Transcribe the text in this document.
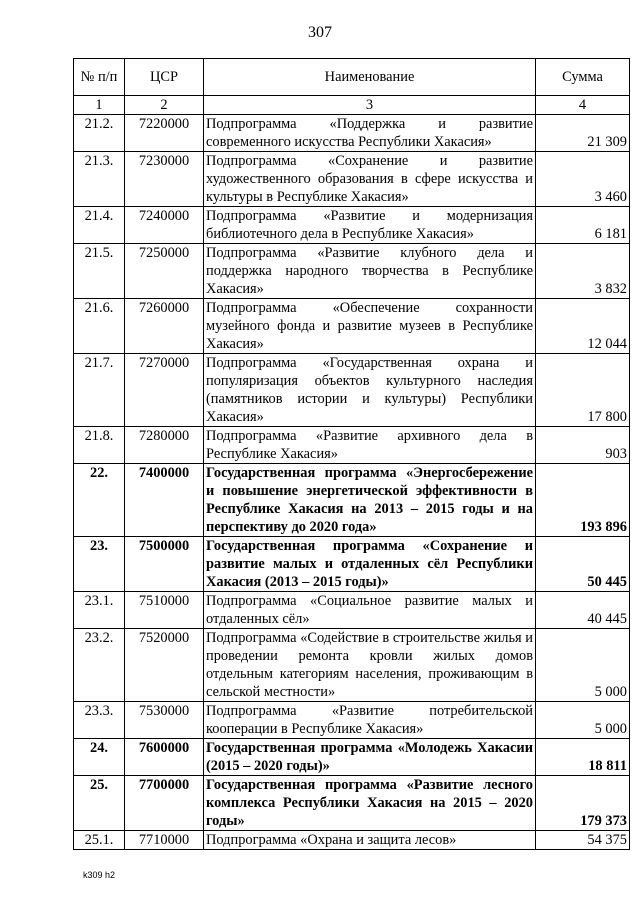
307
№ п/п	ЦСР	Наименование	Сумма
1	2	3	4
21.2.	7220000	Подпрограмма «Поддержка и развитие современного искусства Республики Хакасия»	21 309
21.3.	7230000	Подпрограмма «Сохранение и развитие художественного образования в сфере искусства и культуры в Республике Хакасия»	3 460
21.4.	7240000	Подпрограмма «Развитие и модернизация библиотечного дела в Республике Хакасия»	6 181
21.5.	7250000	Подпрограмма «Развитие клубного дела и поддержка народного творчества в Республике Хакасия»	3 832
21.6.	7260000	Подпрограмма «Обеспечение сохранности музейного фонда и развитие музеев в Республике Хакасия»	12 044
21.7.	7270000	Подпрограмма «Государственная охрана и популяризация объектов культурного наследия (памятников истории и культуры) Республики Хакасия»	17 800
21.8.	7280000	Подпрограмма «Развитие архивного дела в Республике Хакасия»	903
22.	7400000	Государственная программа «Энергосбережение и повышение энергетической эффективности в Республике Хакасия на 2013 – 2015 годы и на перспективу до 2020 года»	193 896
23.	7500000	Государственная программа «Сохранение и развитие малых и отдаленных сёл Республики Хакасия (2013 – 2015 годы)»	50 445
23.1.	7510000	Подпрограмма «Социальное развитие малых и отдаленных сёл»	40 445
23.2.	7520000	Подпрограмма «Содействие в строительстве жилья и проведении ремонта кровли жилых домов отдельным категориям населения, проживающим в сельской местности»	5 000
23.3.	7530000	Подпрограмма «Развитие потребительской кооперации в Республике Хакасия»	5 000
24.	7600000	Государственная программа «Молодежь Хакасии (2015 – 2020 годы)»	18 811
25.	7700000	Государственная программа «Развитие лесного комплекса Республики Хакасия на 2015 – 2020 годы»	179 373
25.1.	7710000	Подпрограмма «Охрана и защита лесов»	54 375
k309 h2
